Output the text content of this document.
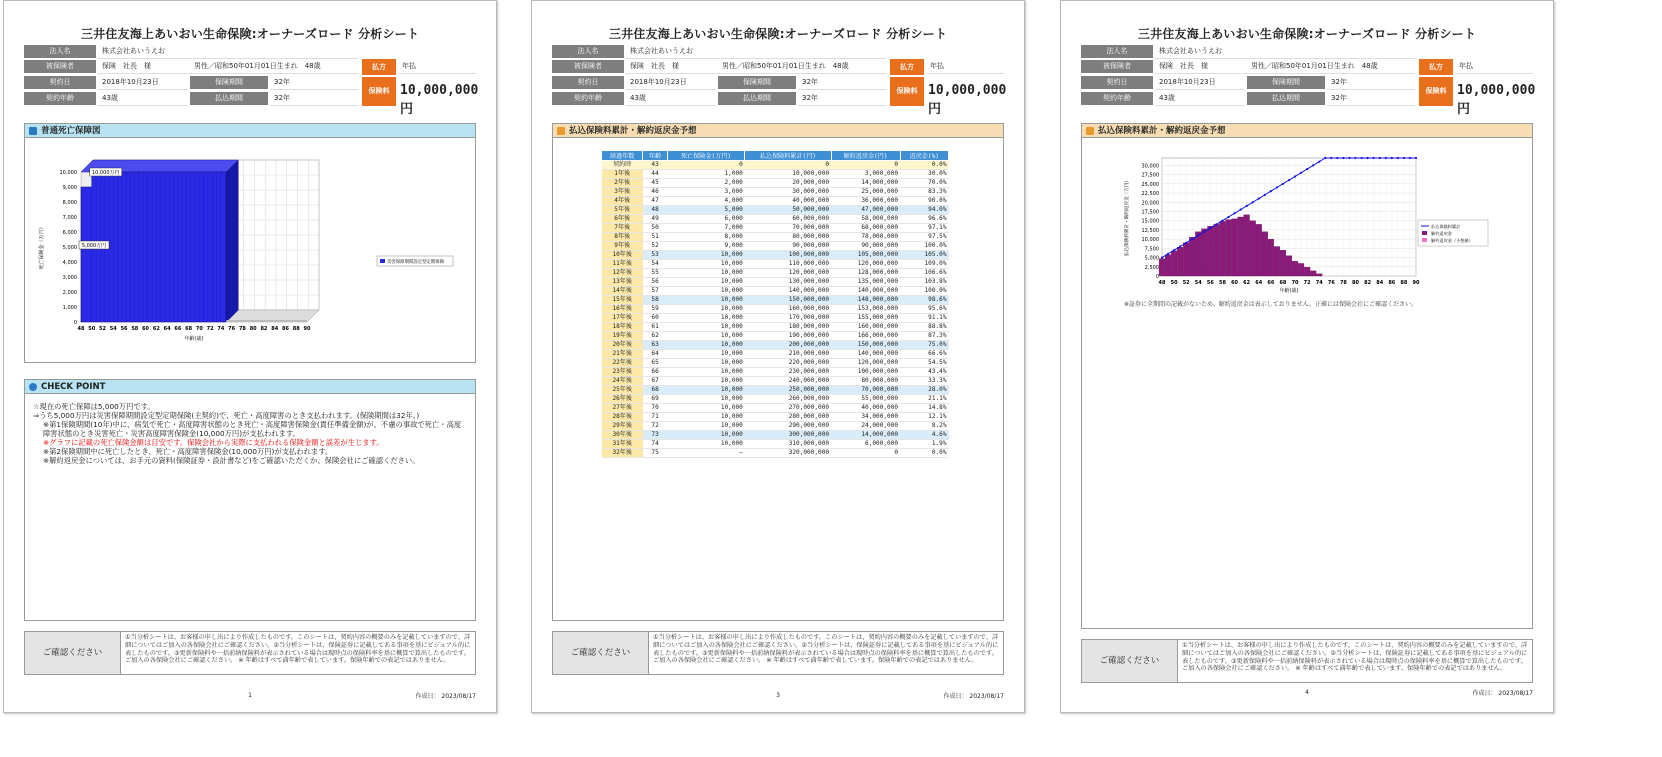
三井住友海上あいおい生命保険:オーナーズロード 分析シート
法人名	株式会社あいうえお
被保険者	保険　社長　様	男性／昭和50年01月01日生まれ　48歳
契約日	2018年10月23日	保険期間	32年
契約年齢	43歳	払込期間	32年
払方	年払
保険料 10,000,000円
普通死亡保障図
0
1,000
2,000
3,000
4,000
5,000
6,000
7,000
8,000
9,000
10,000
48 50 52 54 56 58 60 62 64 66 68 70 72 74 76 78 80 82 84 86 88 90
10,000万円
5,000万円
死亡保険金（万円）
年齢(歳)
災害保障期間設定型定期保険
CHECK POINT
☆現在の死亡保障は5,000万円です。
⇒うち5,000万円は災害保障期間設定型定期保険(主契約)で、死亡・高度障害のとき支払われます。(保険期間は32年。)
※第1保険期間(10年)中に、病気で死亡・高度障害状態のとき死亡・高度障害保険金(責任準備金額)が、不慮の事故で死亡・高度障害状態のとき災害死亡・災害高度障害保険金(10,000万円)が支払われます。
※グラフに記載の死亡保険金額は目安です。保険会社から実際に支払われる保険金額と誤差が生じます。
※第2保険期間中に死亡したとき、死亡・高度障害保険金(10,000万円)が支払われます。
※解約返戻金については、お手元の資料(保険証券・設計書など)をご確認いただくか、保険会社にご確認ください。
ご確認ください
①当分析シートは、お客様の申し出により作成したものです。このシートは、契約内容の概要のみを記載していますので、詳細についてはご加入の各保険会社にご確認ください。②当分析シートは、保険証券に記載してある事項を基にビジュアル的に表したものです。③更新保険料や一括前納保険料が表示されている場合は現時点の保険料率を基に概算で算出したものです。ご加入の各保険会社にご確認ください。 ※ 年齢はすべて満年齢で表しています。保険年齢での表記ではありません。
1	作成日： 2023/08/17
三井住友海上あいおい生命保険:オーナーズロード 分析シート
法人名	株式会社あいうえお
被保険者	保険　社長　様	男性／昭和50年01月01日生まれ　48歳
契約日	2018年10月23日	保険期間	32年
契約年齢	43歳	払込期間	32年
払方	年払
保険料 10,000,000円
払込保険料累計・解約返戻金予想
経過年数	年齢	死亡保険金(万円)	払込保険料累計(円)	解約返戻金(円)	返戻金(%)
契約時	43	0	0	0	0.0%
1年後	44	1,000	10,000,000	3,000,000	30.0%
2年後	45	2,000	20,000,000	14,000,000	70.0%
3年後	46	3,000	30,000,000	25,000,000	83.3%
4年後	47	4,000	40,000,000	36,000,000	90.0%
5年後	48	5,000	50,000,000	47,000,000	94.0%
6年後	49	6,000	60,000,000	58,000,000	96.6%
7年後	50	7,000	70,000,000	68,000,000	97.1%
8年後	51	8,000	80,000,000	78,000,000	97.5%
9年後	52	9,000	90,000,000	90,000,000	100.0%
10年後	53	10,000	100,000,000	105,000,000	105.0%
11年後	54	10,000	110,000,000	120,000,000	109.0%
12年後	55	10,000	120,000,000	128,000,000	106.6%
13年後	56	10,000	130,000,000	135,000,000	103.8%
14年後	57	10,000	140,000,000	140,000,000	100.0%
15年後	58	10,000	150,000,000	148,000,000	98.6%
16年後	59	10,000	160,000,000	153,000,000	95.6%
17年後	60	10,000	170,000,000	155,000,000	91.1%
18年後	61	10,000	180,000,000	160,000,000	88.8%
19年後	62	10,000	190,000,000	166,000,000	87.3%
20年後	63	10,000	200,000,000	150,000,000	75.0%
21年後	64	10,000	210,000,000	140,000,000	66.6%
22年後	65	10,000	220,000,000	120,000,000	54.5%
23年後	66	10,000	230,000,000	100,000,000	43.4%
24年後	67	10,000	240,000,000	80,000,000	33.3%
25年後	68	10,000	250,000,000	70,000,000	28.0%
26年後	69	10,000	260,000,000	55,000,000	21.1%
27年後	70	10,000	270,000,000	40,000,000	14.8%
28年後	71	10,000	280,000,000	34,000,000	12.1%
29年後	72	10,000	290,000,000	24,000,000	8.2%
30年後	73	10,000	300,000,000	14,000,000	4.6%
31年後	74	10,000	310,000,000	6,000,000	1.9%
32年後	75	—	320,000,000	0	0.0%
ご確認ください
①当分析シートは、お客様の申し出により作成したものです。このシートは、契約内容の概要のみを記載していますので、詳細についてはご加入の各保険会社にご確認ください。②当分析シートは、保険証券に記載してある事項を基にビジュアル的に表したものです。③更新保険料や一括前納保険料が表示されている場合は現時点の保険料率を基に概算で算出したものです。ご加入の各保険会社にご確認ください。 ※ 年齢はすべて満年齢で表しています。保険年齢での表記ではありません。
3	作成日： 2023/08/17
三井住友海上あいおい生命保険:オーナーズロード 分析シート
法人名	株式会社あいうえお
被保険者	保険　社長　様	男性／昭和50年01月01日生まれ　48歳
契約日	2018年10月23日	保険期間	32年
契約年齢	43歳	払込期間	32年
払方	年払
保険料 10,000,000円
払込保険料累計・解約返戻金予想
0
2,500
5,000
7,500
10,000
12,500
15,000
17,500
20,000
22,500
25,000
27,500
30,000
48 50 52 54 56 58 60 62 64 66 68 70 72 74 76 78 80 82 84 86 88 90
払込保険料累計・解約返戻金（万円）
年齢(歳)
払込保険料累計
解約返戻金
解約返戻金（予想値）
※証券に全期間の記載がないため、解約返戻金は表示しておりません。正確には保険会社にご確認ください。
ご確認ください
①当分析シートは、お客様の申し出により作成したものです。このシートは、契約内容の概要のみを記載していますので、詳細についてはご加入の各保険会社にご確認ください。②当分析シートは、保険証券に記載してある事項を基にビジュアル的に表したものです。③更新保険料や一括前納保険料が表示されている場合は現時点の保険料率を基に概算で算出したものです。ご加入の各保険会社にご確認ください。 ※ 年齢はすべて満年齢で表しています。保険年齢での表記ではありません。
4	作成日： 2023/08/17
